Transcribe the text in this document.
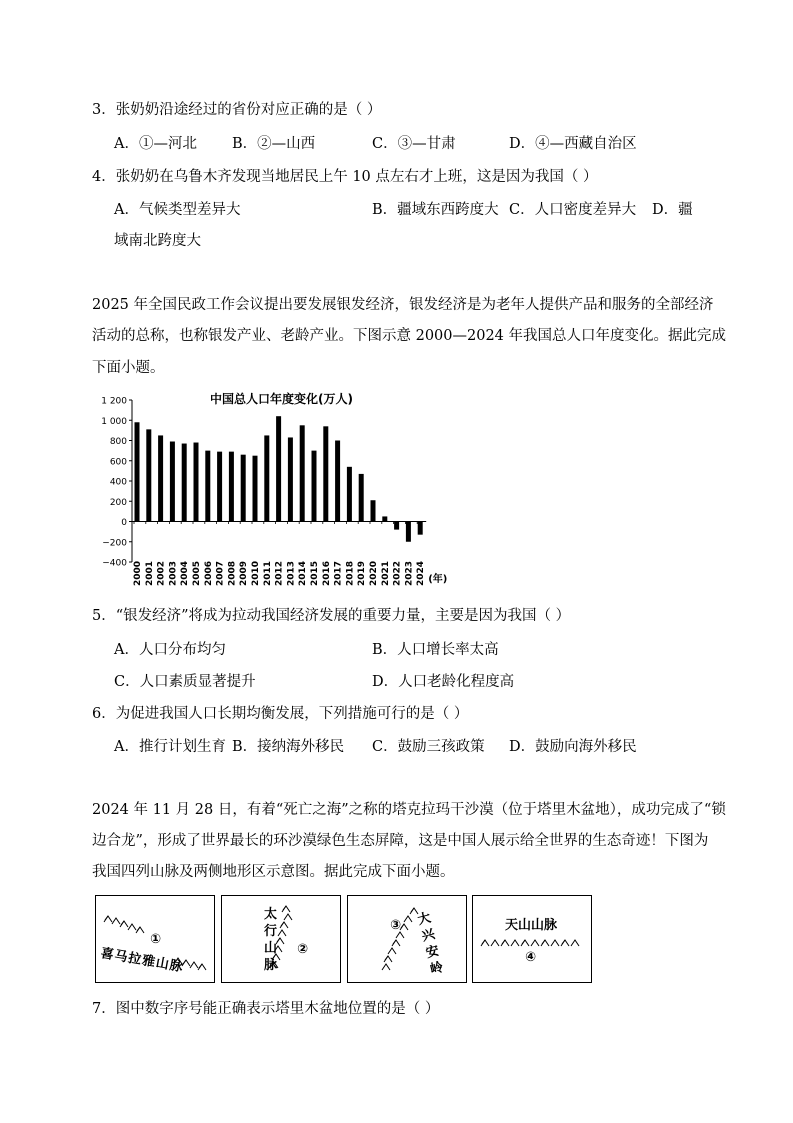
3．张奶奶沿途经过的省份对应正确的是（ ）
A．①—河北 B．②—山西	C．③—甘肃	D．④—西藏自治区
4．张奶奶在乌鲁木齐发现当地居民上午 10 点左右才上班，这是因为我国（ ）
A．气候类型差异大	B．疆域东西跨度大 C．人口密度差异大 D．疆
域南北跨度大
2025 年全国民政工作会议提出要发展银发经济，银发经济是为老年人提供产品和服务的全部经济
活动的总称，也称银发产业、老龄产业。下图示意 2000—2024 年我国总人口年度变化。据此完成
下面小题。
中国总人口年度变化(万人)
1 200
1 000
800
600
400
200
0
−200
−400 2000 2001 2002 2003 2004 2005 2006 2007 2008 2009 2010 2011 2012 2013 2014 2015 2016 2017 2018 2019 2020 2021 2022 2023 2024 (年)
5．“银发经济”将成为拉动我国经济发展的重要力量，主要是因为我国（ ）
A．人口分布均匀	B．人口增长率太高
C．人口素质显著提升	D．人口老龄化程度高
6．为促进我国人口长期均衡发展，下列措施可行的是（ ）
A．推行计划生育 B．接纳海外移民 C．鼓励三孩政策 D．鼓励向海外移民
2024 年 11 月 28 日，有着“死亡之海”之称的塔克拉玛干沙漠（位于塔里木盆地），成功完成了“锁
边合龙”，形成了世界最长的环沙漠绿色生态屏障，这是中国人展示给全世界的生态奇迹！下图为
我国四列山脉及两侧地形区示意图。据此完成下面小题。
①
喜马拉雅山脉
太行山脉
②
③ 大兴安岭
天山山脉
④
7．图中数字序号能正确表示塔里木盆地位置的是（ ）
